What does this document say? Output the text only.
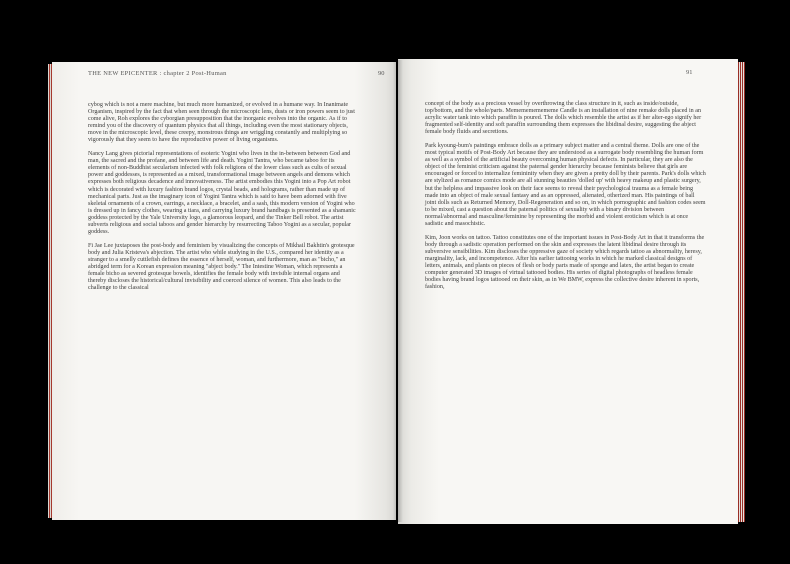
THE NEW EPICENTER : chapter 2 Post-Human	90

cybog which is not a mere machine, but much more humanized, or evolved in a humane way. In Inanimate Organism, inspired by the fact that when seen through the microscopic lens, dusts or iron powers seem to just come alive, Roh explores the cyborgian presupposition that the inorganic evolves into the organic. As if to remind you of the discovery of quantum physics that all things, including even the most stationary objects, move in the microscopic level, these creepy, monstrous things are wriggling constantly and multiplying so vigorously that they seem to have the reproductive power of living organisms.

Nancy Lang gives pictorial representations of esoteric Yogini who lives in the in-between between God and man, the sacred and the profane, and between life and death. Yogini Tantra, who became taboo for its elements of non-Buddhist secularism infected with folk religions of the lower class such as cults of sexual power and goddesses, is represented as a mixed, transformational image between angels and demons which expresses both religious decadence and innovativeness. The artist embodies this Yogini into a Pop Art robot which is decorated with luxury fashion brand logos, crystal beads, and holograms, rather than made up of mechanical parts. Just as the imaginary icon of Yogini Tantra which is said to have been adorned with five skeletal ornaments of a crown, earrings, a necklace, a bracelet, and a sash, this modern version of Yogini who is dressed up in fancy clothes, wearing a tiara, and carrying luxury brand handbags is presented as a shamanic goddess protected by the Yale University logo, a glamorous leopard, and the Tinker Bell robot. The artist subverts religious and social taboos and gender hierarchy by resurrecting Taboo Yogini as a secular, popular goddess.

Fi Jae Lee juxtaposes the post-body and feminism by visualizing the concepts of Mikhail Bakhtin's grotesque body and Julia Kristeva's abjection. The artist who while studying in the U.S., compared her identity as a stranger to a smelly cuttlefish defines the essence of herself, woman, and furthermore, man as "bicho," an abridged term for a Korean expression meaning "abject body." The Intestine Woman, which represents a female bicho as severed grotesque bowels, identifies the female body with invisible internal organs and thereby discloses the historical/cultural invisibility and coerced silence of women. This also leads to the challenge to the classical

91

concept of the body as a precious vessel by overthrowing the class structure in it, such as inside/outside, top/bottom, and the whole/parts. Mememememememe Candle is an installation of nine remake dolls placed in an acrylic water tank into which paraffin is poured. The dolls which resemble the artist as if her alter-ego signify her fragmented self-identity and soft paraffin surrounding them expresses the libidinal desire, suggesting the abject female body fluids and secretions.

Park kyoung-bum's paintings embrace dolls as a primary subject matter and a central theme. Dolls are one of the most typical motifs of Post-Body Art because they are understood as a surrogate body resembling the human form as well as a symbol of the artificial beauty overcoming human physical defects. In particular, they are also the object of the feminist criticism against the paternal gender hierarchy because feminists believe that girls are encouraged or forced to internalize femininity when they are given a pretty doll by their parents. Park's dolls which are stylized as romance comics mode are all stunning beauties 'dolled up' with heavy makeup and plastic surgery, but the helpless and impassive look on their face seems to reveal their psychological trauma as a female being made into an object of male sexual fantasy and as an oppressed, alienated, otherized man. His paintings of ball joint dolls such as Returned Memory, Doll-Regeneration and so on, in which pornographic and fashion codes seem to be mixed, cast a question about the paternal politics of sexuality with a binary division between normal/abnormal and masculine/feminine by representing the morbid and violent eroticism which is at once sadistic and masochistic.

Kim, Joon works on tattoo. Tattoo constitutes one of the important issues in Post-Body Art in that it transforms the body through a sadistic operation performed on the skin and expresses the latent libidinal desire through its subversive sensibilities. Kim discloses the oppressive gaze of society which regards tattoo as abnormality, heresy, marginality, lack, and incompetence. After his earlier tattooing works in which he marked classical designs of letters, animals, and plants on pieces of flesh or body parts made of sponge and latex, the artist began to create computer generated 3D images of virtual tattooed bodies. His series of digital photographs of headless female bodies having brand logos tattooed on their skin, as in We BMW, express the collective desire inherent in sports, fashion,
